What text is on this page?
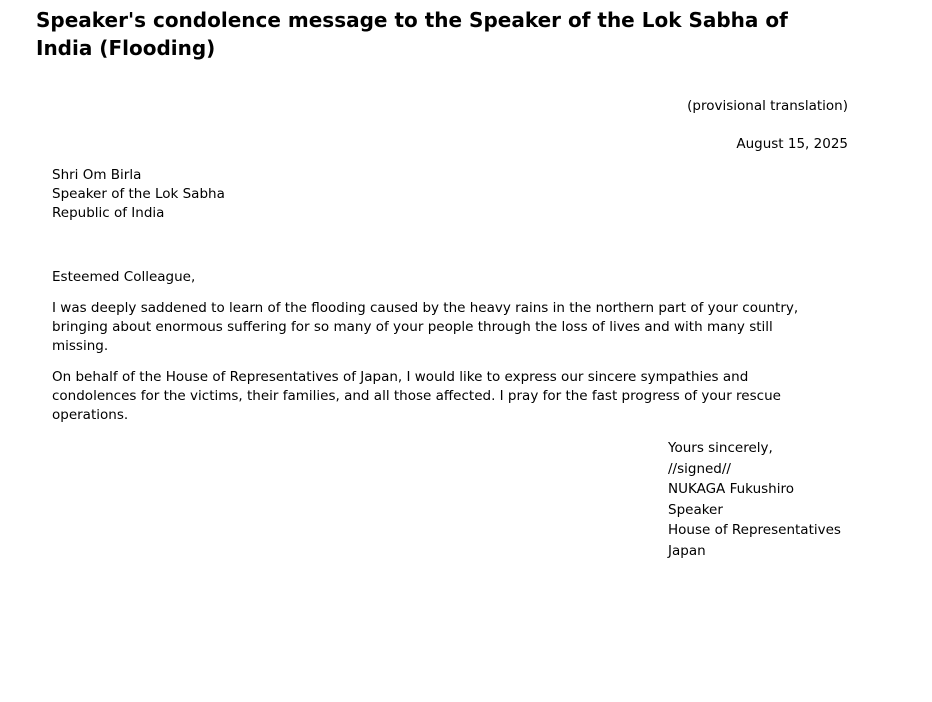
Speaker's condolence message to the Speaker of the Lok Sabha of India (Flooding)
(provisional translation)
August 15, 2025
Shri Om Birla
Speaker of the Lok Sabha
Republic of India
Esteemed Colleague,

I was deeply saddened to learn of the flooding caused by the heavy rains in the northern part of your country, bringing about enormous suffering for so many of your people through the loss of lives and with many still missing.

On behalf of the House of Representatives of Japan, I would like to express our sincere sympathies and condolences for the victims, their families, and all those affected. I pray for the fast progress of your rescue operations.

Yours sincerely,
//signed//
NUKAGA Fukushiro
Speaker
House of Representatives
Japan
